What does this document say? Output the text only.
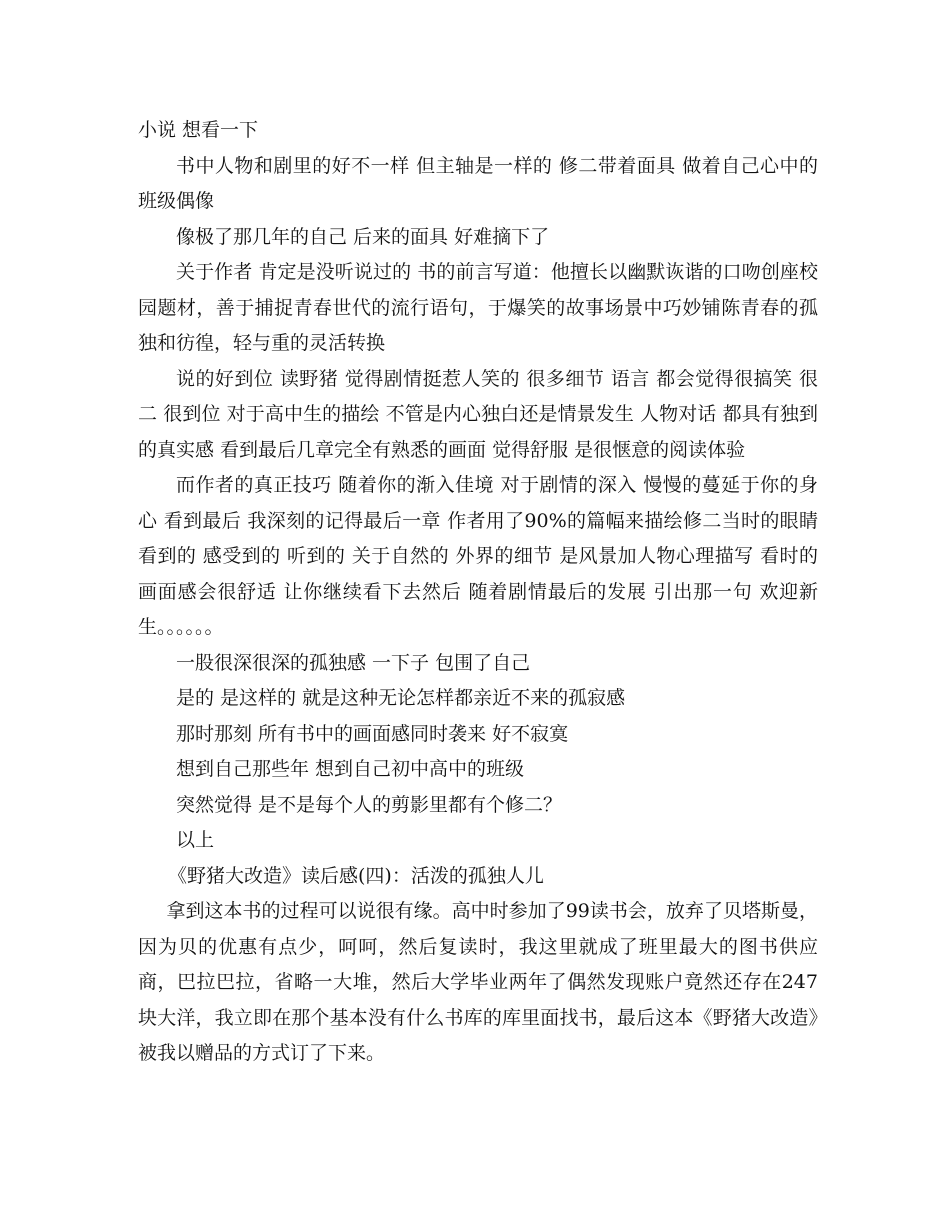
小说 想看一下

书中人物和剧里的好不一样 但主轴是一样的 修二带着面具 做着自己心中的班级偶像

像极了那几年的自己 后来的面具 好难摘下了

关于作者 肯定是没听说过的 书的前言写道：他擅长以幽默诙谐的口吻创座校园题材，善于捕捉青春世代的流行语句，于爆笑的故事场景中巧妙铺陈青春的孤独和彷徨，轻与重的灵活转换

说的好到位 读野猪 觉得剧情挺惹人笑的 很多细节 语言 都会觉得很搞笑 很二 很到位 对于高中生的描绘 不管是内心独白还是情景发生 人物对话 都具有独到的真实感 看到最后几章完全有熟悉的画面 觉得舒服 是很惬意的阅读体验

而作者的真正技巧 随着你的渐入佳境 对于剧情的深入 慢慢的蔓延于你的身心 看到最后 我深刻的记得最后一章 作者用了90%的篇幅来描绘修二当时的眼睛看到的 感受到的 听到的 关于自然的 外界的细节 是风景加人物心理描写 看时的画面感会很舒适 让你继续看下去然后 随着剧情最后的发展 引出那一句 欢迎新生。。。。。。

一股很深很深的孤独感 一下子 包围了自己

是的 是这样的 就是这种无论怎样都亲近不来的孤寂感

那时那刻 所有书中的画面感同时袭来 好不寂寞

想到自己那些年 想到自己初中高中的班级

突然觉得 是不是每个人的剪影里都有个修二？

以上

《野猪大改造》读后感(四)：活泼的孤独人儿

拿到这本书的过程可以说很有缘。高中时参加了99读书会，放弃了贝塔斯曼，因为贝的优惠有点少，呵呵，然后复读时，我这里就成了班里最大的图书供应商，巴拉巴拉，省略一大堆，然后大学毕业两年了偶然发现账户竟然还存在247块大洋，我立即在那个基本没有什么书库的库里面找书，最后这本《野猪大改造》被我以赠品的方式订了下来。
